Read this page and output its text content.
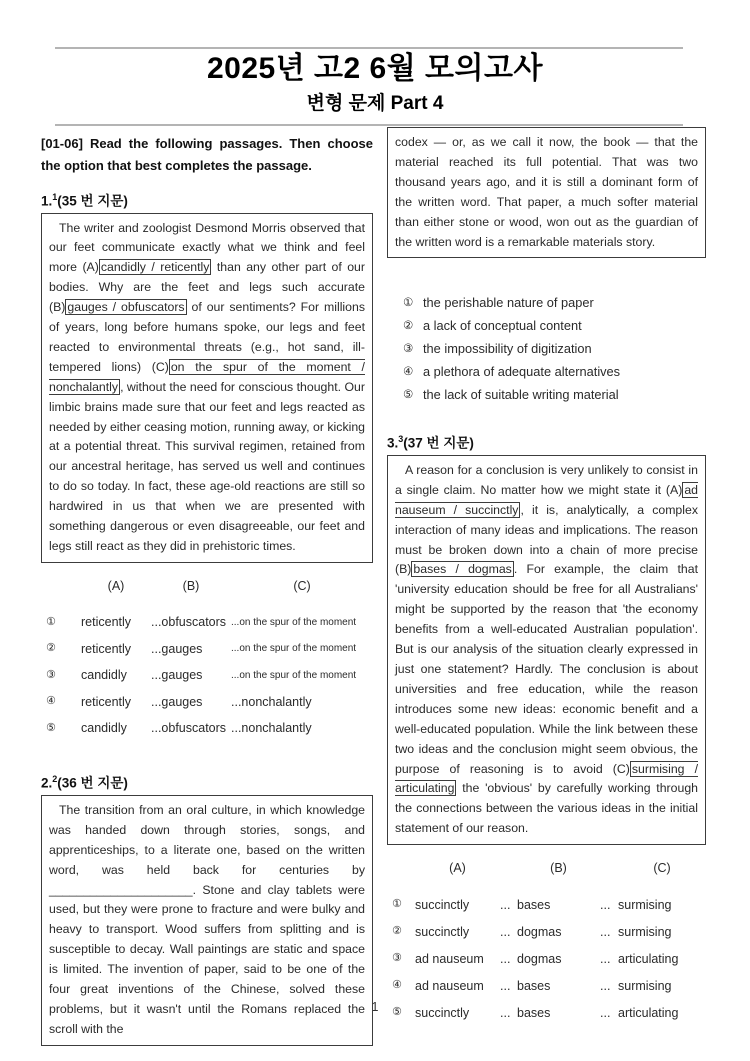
2025년 고2 6월 모의고사
변형 문제 Part 4
[01-06] Read the following passages. Then choose the option that best completes the passage.
1.$^1$(35 번 지문)
The writer and zoologist Desmond Morris observed that our feet communicate exactly what we think and feel more (A) candidly / reticently than any other part of our bodies. Why are the feet and legs such accurate (B) gauges / obfuscators of our sentiments? For millions of years, long before humans spoke, our legs and feet reacted to environmental threats (e.g., hot sand, ill-tempered lions) (C) on the spur of the moment / nonchalantly , without the need for conscious thought. Our limbic brains made sure that our feet and legs reacted as needed by either ceasing motion, running away, or kicking at a potential threat. This survival regimen, retained from our ancestral heritage, has served us well and continues to do so today. In fact, these age-old reactions are still so hardwired in us that when we are presented with something dangerous or even disagreeable, our feet and legs still react as they did in prehistoric times.
(A)	(B)	(C)
①	reticently	...obfuscators ...on the spur of the moment
②	reticently	...gauges	...on the spur of the moment
③	candidly	...gauges	...on the spur of the moment
④	reticently	...gauges	...nonchalantly
⑤	candidly	...obfuscators ...nonchalantly
2.$^2$(36 번 지문)
The transition from an oral culture, in which knowledge was handed down through stories, songs, and apprenticeships, to a literate one, based on the written word, was held back for centuries by _____________________. Stone and clay tablets were used, but they were prone to fracture and were bulky and heavy to transport. Wood suffers from splitting and is susceptible to decay. Wall paintings are static and space is limited. The invention of paper, said to be one of the four great inventions of the Chinese, solved these problems, but it wasn't until the Romans replaced the scroll with the
codex — or, as we call it now, the book — that the material reached its full potential. That was two thousand years ago, and it is still a dominant form of the written word. That paper, a much softer material than either stone or wood, won out as the guardian of the written word is a remarkable materials story.
① the perishable nature of paper
② a lack of conceptual content
③ the impossibility of digitization
④ a plethora of adequate alternatives
⑤ the lack of suitable writing material
3.$^3$(37 번 지문)
A reason for a conclusion is very unlikely to consist in a single claim. No matter how we might state it (A) ad nauseum / succinctly , it is, analytically, a complex interaction of many ideas and implications. The reason must be broken down into a chain of more precise (B) bases / dogmas . For example, the claim that 'university education should be free for all Australians' might be supported by the reason that 'the economy benefits from a well-educated Australian population'. But is our analysis of the situation clearly expressed in just one statement? Hardly. The conclusion is about universities and free education, while the reason introduces some new ideas: economic benefit and a well-educated population. While the link between these two ideas and the conclusion might seem obvious, the purpose of reasoning is to avoid (C) surmising / articulating the 'obvious' by carefully working through the connections between the various ideas in the initial statement of our reason.
(A)	(B)	(C)
①	succinctly	... bases	... surmising
②	succinctly	... dogmas	... surmising
③	ad nauseum	... dogmas	... articulating
④	ad nauseum	... bases	... surmising
⑤	succinctly	... bases	... articulating
1
